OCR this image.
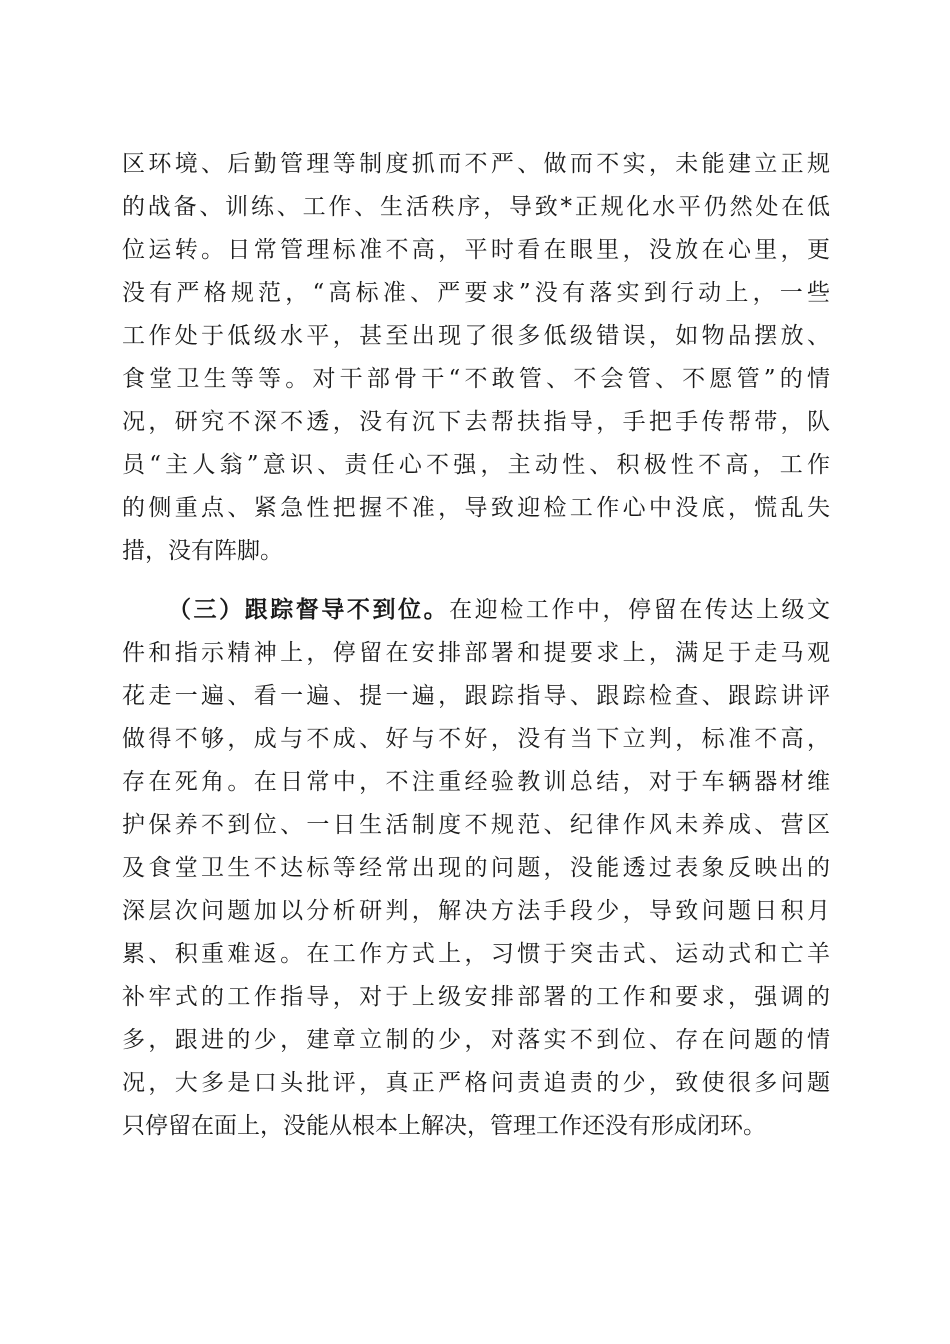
区环境、后勤管理等制度抓而不严、做而不实，未能建立正规
的战备、训练、工作、生活秩序，导致*正规化水平仍然处在低
位运转。日常管理标准不高，平时看在眼里，没放在心里，更
没有严格规范，“高标准、严要求”没有落实到行动上，一些
工作处于低级水平，甚至出现了很多低级错误，如物品摆放、
食堂卫生等等。对干部骨干“不敢管、不会管、不愿管”的情
况，研究不深不透，没有沉下去帮扶指导，手把手传帮带，队
员“主人翁”意识、责任心不强，主动性、积极性不高，工作
的侧重点、紧急性把握不准，导致迎检工作心中没底，慌乱失
措，没有阵脚。
（三）跟踪督导不到位。在迎检工作中，停留在传达上级文
件和指示精神上，停留在安排部署和提要求上，满足于走马观
花走一遍、看一遍、提一遍，跟踪指导、跟踪检查、跟踪讲评
做得不够，成与不成、好与不好，没有当下立判，标准不高，
存在死角。在日常中，不注重经验教训总结，对于车辆器材维
护保养不到位、一日生活制度不规范、纪律作风未养成、营区
及食堂卫生不达标等经常出现的问题，没能透过表象反映出的
深层次问题加以分析研判，解决方法手段少，导致问题日积月
累、积重难返。在工作方式上，习惯于突击式、运动式和亡羊
补牢式的工作指导，对于上级安排部署的工作和要求，强调的
多，跟进的少，建章立制的少，对落实不到位、存在问题的情
况，大多是口头批评，真正严格问责追责的少，致使很多问题
只停留在面上，没能从根本上解决，管理工作还没有形成闭环。
